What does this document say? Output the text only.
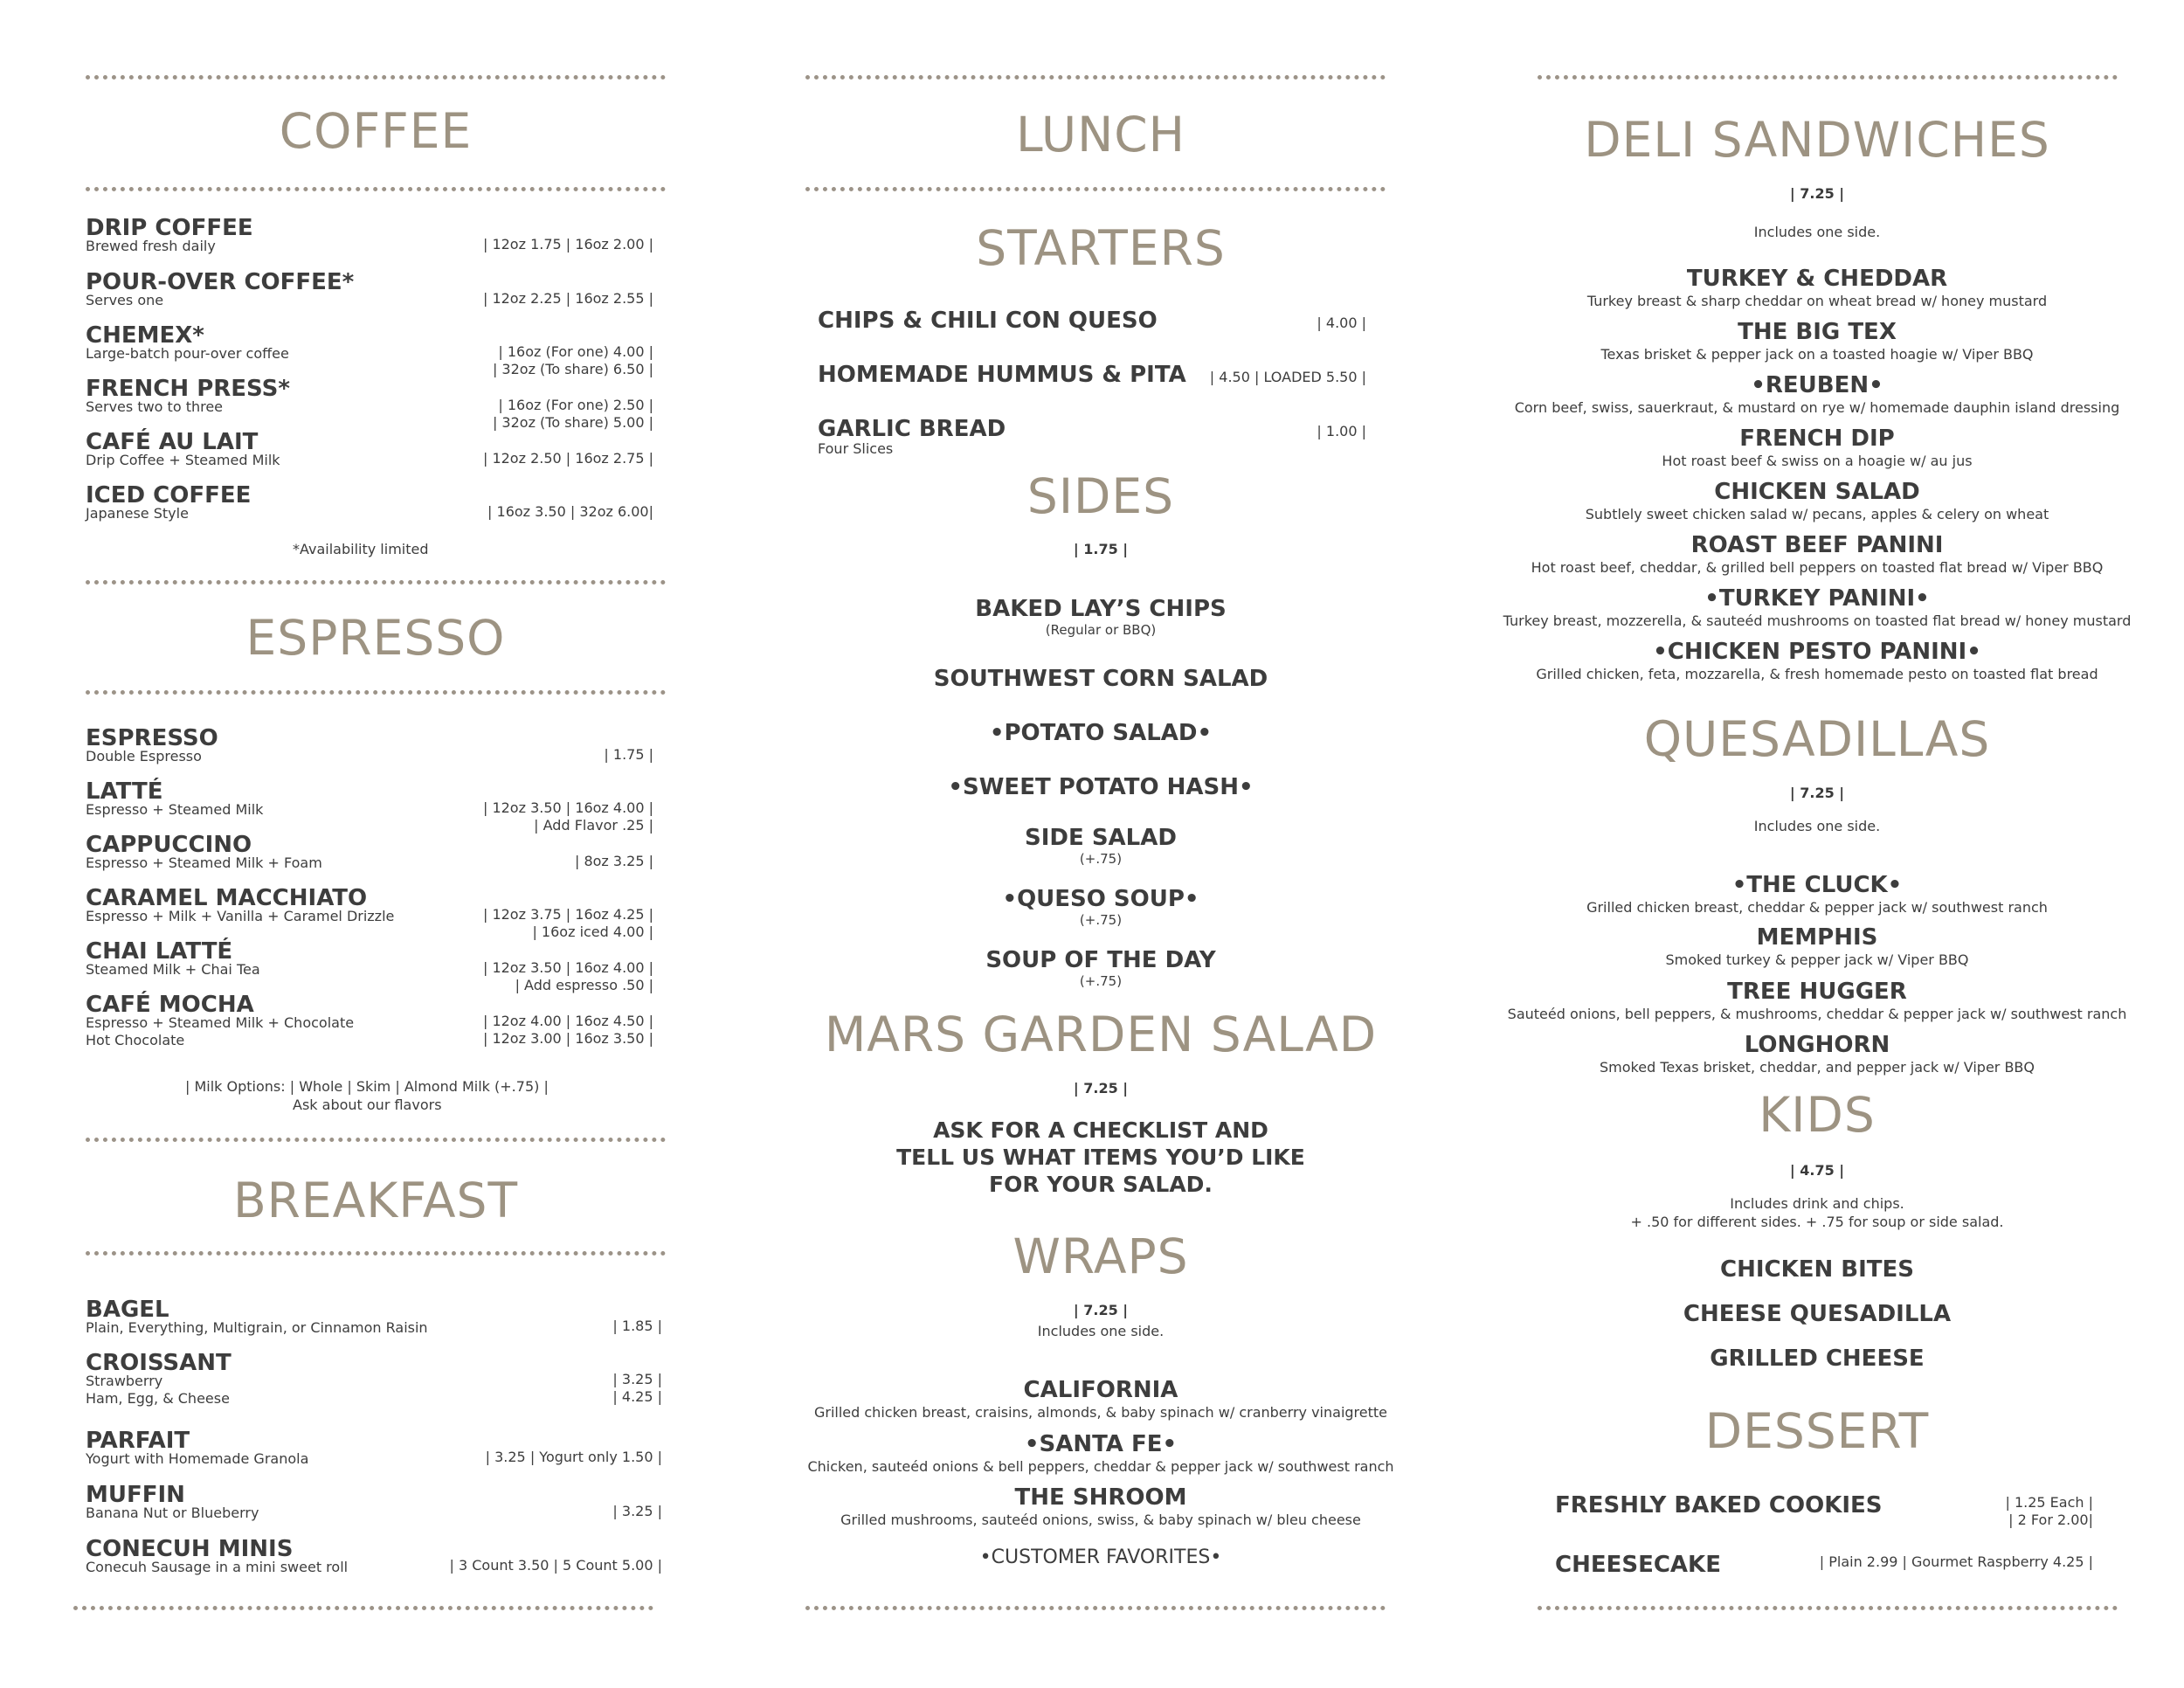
COFFEE
DRIP COFFEE
Brewed fresh daily	| 12oz 1.75 | 16oz 2.00 |
POUR-OVER COFFEE*
Serves one	| 12oz 2.25 | 16oz 2.55 |
CHEMEX*
Large-batch pour-over coffee	| 16oz (For one) 4.00 |
| 32oz (To share) 6.50 |
FRENCH PRESS*
Serves two to three	| 16oz (For one) 2.50 |
| 32oz (To share) 5.00 |
CAFÉ AU LAIT
Drip Coffee + Steamed Milk	| 12oz 2.50 | 16oz 2.75 |
ICED COFFEE
Japanese Style	| 16oz 3.50 | 32oz 6.00|
*Availability limited
ESPRESSO
ESPRESSO
Double Espresso	| 1.75 |
LATTÉ
Espresso + Steamed Milk	| 12oz 3.50 | 16oz 4.00 |
| Add Flavor .25 |
CAPPUCCINO
Espresso + Steamed Milk + Foam	| 8oz 3.25 |
CARAMEL MACCHIATO
Espresso + Milk + Vanilla + Caramel Drizzle	| 12oz 3.75 | 16oz 4.25 |
| 16oz iced 4.00 |
CHAI LATTÉ
Steamed Milk + Chai Tea	| 12oz 3.50 | 16oz 4.00 |
| Add espresso .50 |
CAFÉ MOCHA
Espresso + Steamed Milk + Chocolate
Hot Chocolate
| 12oz 4.00 | 16oz 4.50 |
| 12oz 3.00 | 16oz 3.50 |
| Milk Options: | Whole | Skim | Almond Milk (+.75) |
Ask about our flavors
BREAKFAST
BAGEL
Plain, Everything, Multigrain, or Cinnamon Raisin	| 1.85 |
CROISSANT
Strawberry
Ham, Egg, & Cheese
| 3.25 |
| 4.25 |
PARFAIT
Yogurt with Homemade Granola	| 3.25 | Yogurt only 1.50 |
MUFFIN
Banana Nut or Blueberry	| 3.25 |
CONECUH MINIS
Conecuh Sausage in a mini sweet roll	| 3 Count 3.50 | 5 Count 5.00 |
LUNCH
STARTERS
CHIPS & CHILI CON QUESO	| 4.00 |
HOMEMADE HUMMUS & PITA | 4.50 | LOADED 5.50 |
GARLIC BREAD
Four Slices
| 1.00 |
SIDES
| 1.75 |
BAKED LAY’S CHIPS
(Regular or BBQ)
SOUTHWEST CORN SALAD
•POTATO SALAD•
•SWEET POTATO HASH•
SIDE SALAD
(+.75)
•QUESO SOUP•
(+.75)
SOUP OF THE DAY
(+.75)
MARS GARDEN SALAD
| 7.25 |
ASK FOR A CHECKLIST AND
TELL US WHAT ITEMS YOU’D LIKE
FOR YOUR SALAD.
WRAPS
| 7.25 |
Includes one side.
CALIFORNIA
Grilled chicken breast, craisins, almonds, & baby spinach w/ cranberry vinaigrette
•SANTA FE•
Chicken, sauteéd onions & bell peppers, cheddar & pepper jack w/ southwest ranch
THE SHROOM
Grilled mushrooms, sauteéd onions, swiss, & baby spinach w/ bleu cheese
•CUSTOMER FAVORITES•
DELI SANDWICHES
| 7.25 |
Includes one side.
TURKEY & CHEDDAR
Turkey breast & sharp cheddar on wheat bread w/ honey mustard
THE BIG TEX
Texas brisket & pepper jack on a toasted hoagie w/ Viper BBQ
•REUBEN•
Corn beef, swiss, sauerkraut, & mustard on rye w/ homemade dauphin island dressing
FRENCH DIP
Hot roast beef & swiss on a hoagie w/ au jus
CHICKEN SALAD
Subtlely sweet chicken salad w/ pecans, apples & celery on wheat
ROAST BEEF PANINI
Hot roast beef, cheddar, & grilled bell peppers on toasted flat bread w/ Viper BBQ
•TURKEY PANINI•
Turkey breast, mozzerella, & sauteéd mushrooms on toasted flat bread w/ honey mustard
•CHICKEN PESTO PANINI•
Grilled chicken, feta, mozzarella, & fresh homemade pesto on toasted flat bread
QUESADILLAS
| 7.25 |
Includes one side.
•THE CLUCK•
Grilled chicken breast, cheddar & pepper jack w/ southwest ranch
MEMPHIS
Smoked turkey & pepper jack w/ Viper BBQ
TREE HUGGER
Sauteéd onions, bell peppers, & mushrooms, cheddar & pepper jack w/ southwest ranch
LONGHORN
Smoked Texas brisket, cheddar, and pepper jack w/ Viper BBQ
KIDS
| 4.75 |
Includes drink and chips.
+ .50 for different sides. + .75 for soup or side salad.
CHICKEN BITES
CHEESE QUESADILLA
GRILLED CHEESE
DESSERT
FRESHLY BAKED COOKIES	| 1.25 Each |
| 2 For 2.00|
CHEESECAKE	| Plain 2.99 | Gourmet Raspberry 4.25 |
